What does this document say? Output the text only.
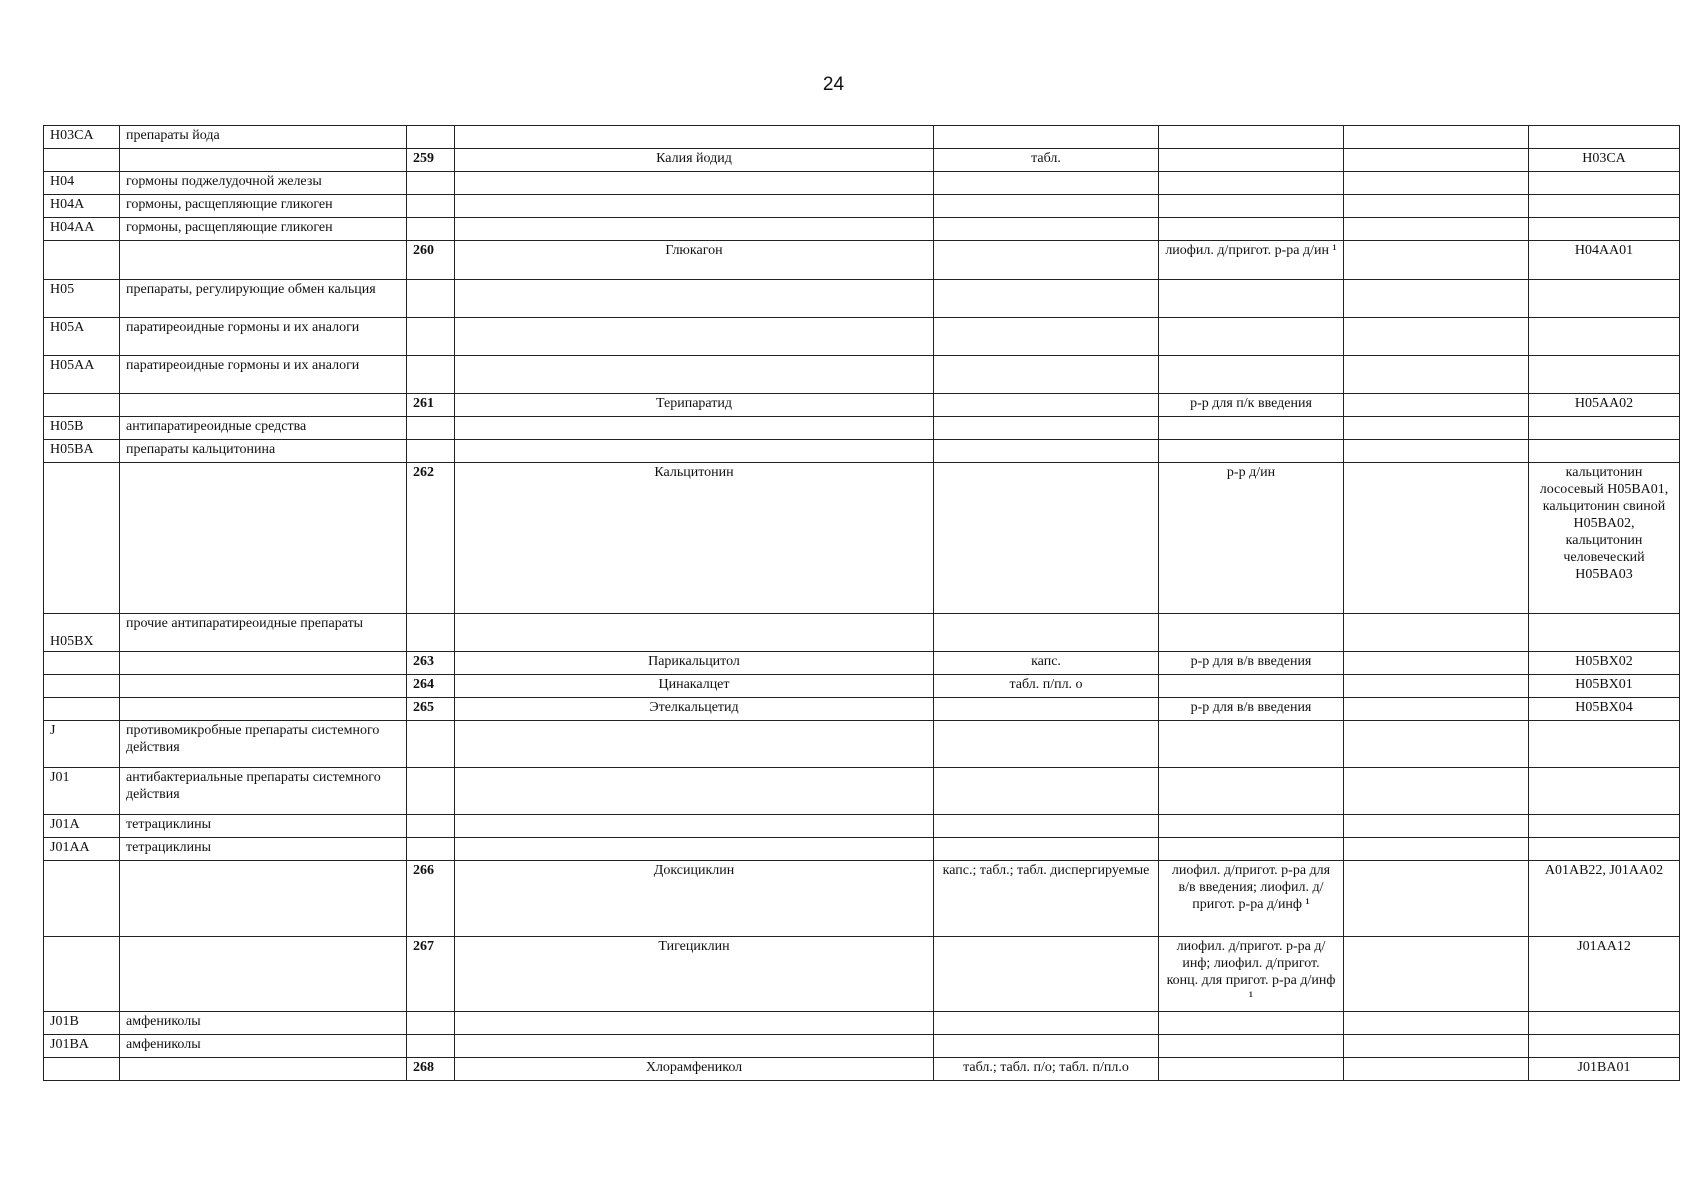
24
H03CA	препараты йода						
		259	Калия йодид	табл.			H03CA
H04	гормоны поджелудочной железы						
H04A	гормоны, расщепляющие гликоген						
H04AA	гормоны, расщепляющие гликоген						
		260	Глюкагон		лиофил. д/пригот. р-ра д/ин ¹		H04AA01
H05	препараты, регулирующие обмен кальция						
H05A	паратиреоидные гормоны и их аналоги						
H05AA	паратиреоидные гормоны и их аналоги						
		261	Терипаратид		р-р для п/к введения		H05AA02
H05B	антипаратиреоидные средства						
H05BA	препараты кальцитонина						
		262	Кальцитонин		р-р д/ин		кальцитонин лососевый H05BA01, кальцитонин свиной H05BA02, кальцитонин человеческий H05BA03
H05BX	прочие антипаратиреоидные препараты						
		263	Парикальцитол	капс.	р-р для в/в введения		H05BX02
		264	Цинакалцет	табл. п/пл. о			H05BX01
		265	Этелкальцетид		р-р для в/в введения		H05BX04
J	противомикробные препараты системного действия						
J01	антибактериальные препараты системного действия						
J01A	тетрациклины						
J01AA	тетрациклины						
		266	Доксициклин	капс.; табл.; табл. диспергируемые	лиофил. д/пригот. р-ра для в/в введения; лиофил. д/пригот. р-ра д/инф ¹		A01AB22, J01AA02
		267	Тигециклин		лиофил. д/пригот. р-ра д/инф; лиофил. д/пригот. конц. для пригот. р-ра д/инф ¹		J01AA12
J01B	амфениколы						
J01BA	амфениколы						
		268	Хлорамфеникол	табл.; табл. п/о; табл. п/пл.о			J01BA01
